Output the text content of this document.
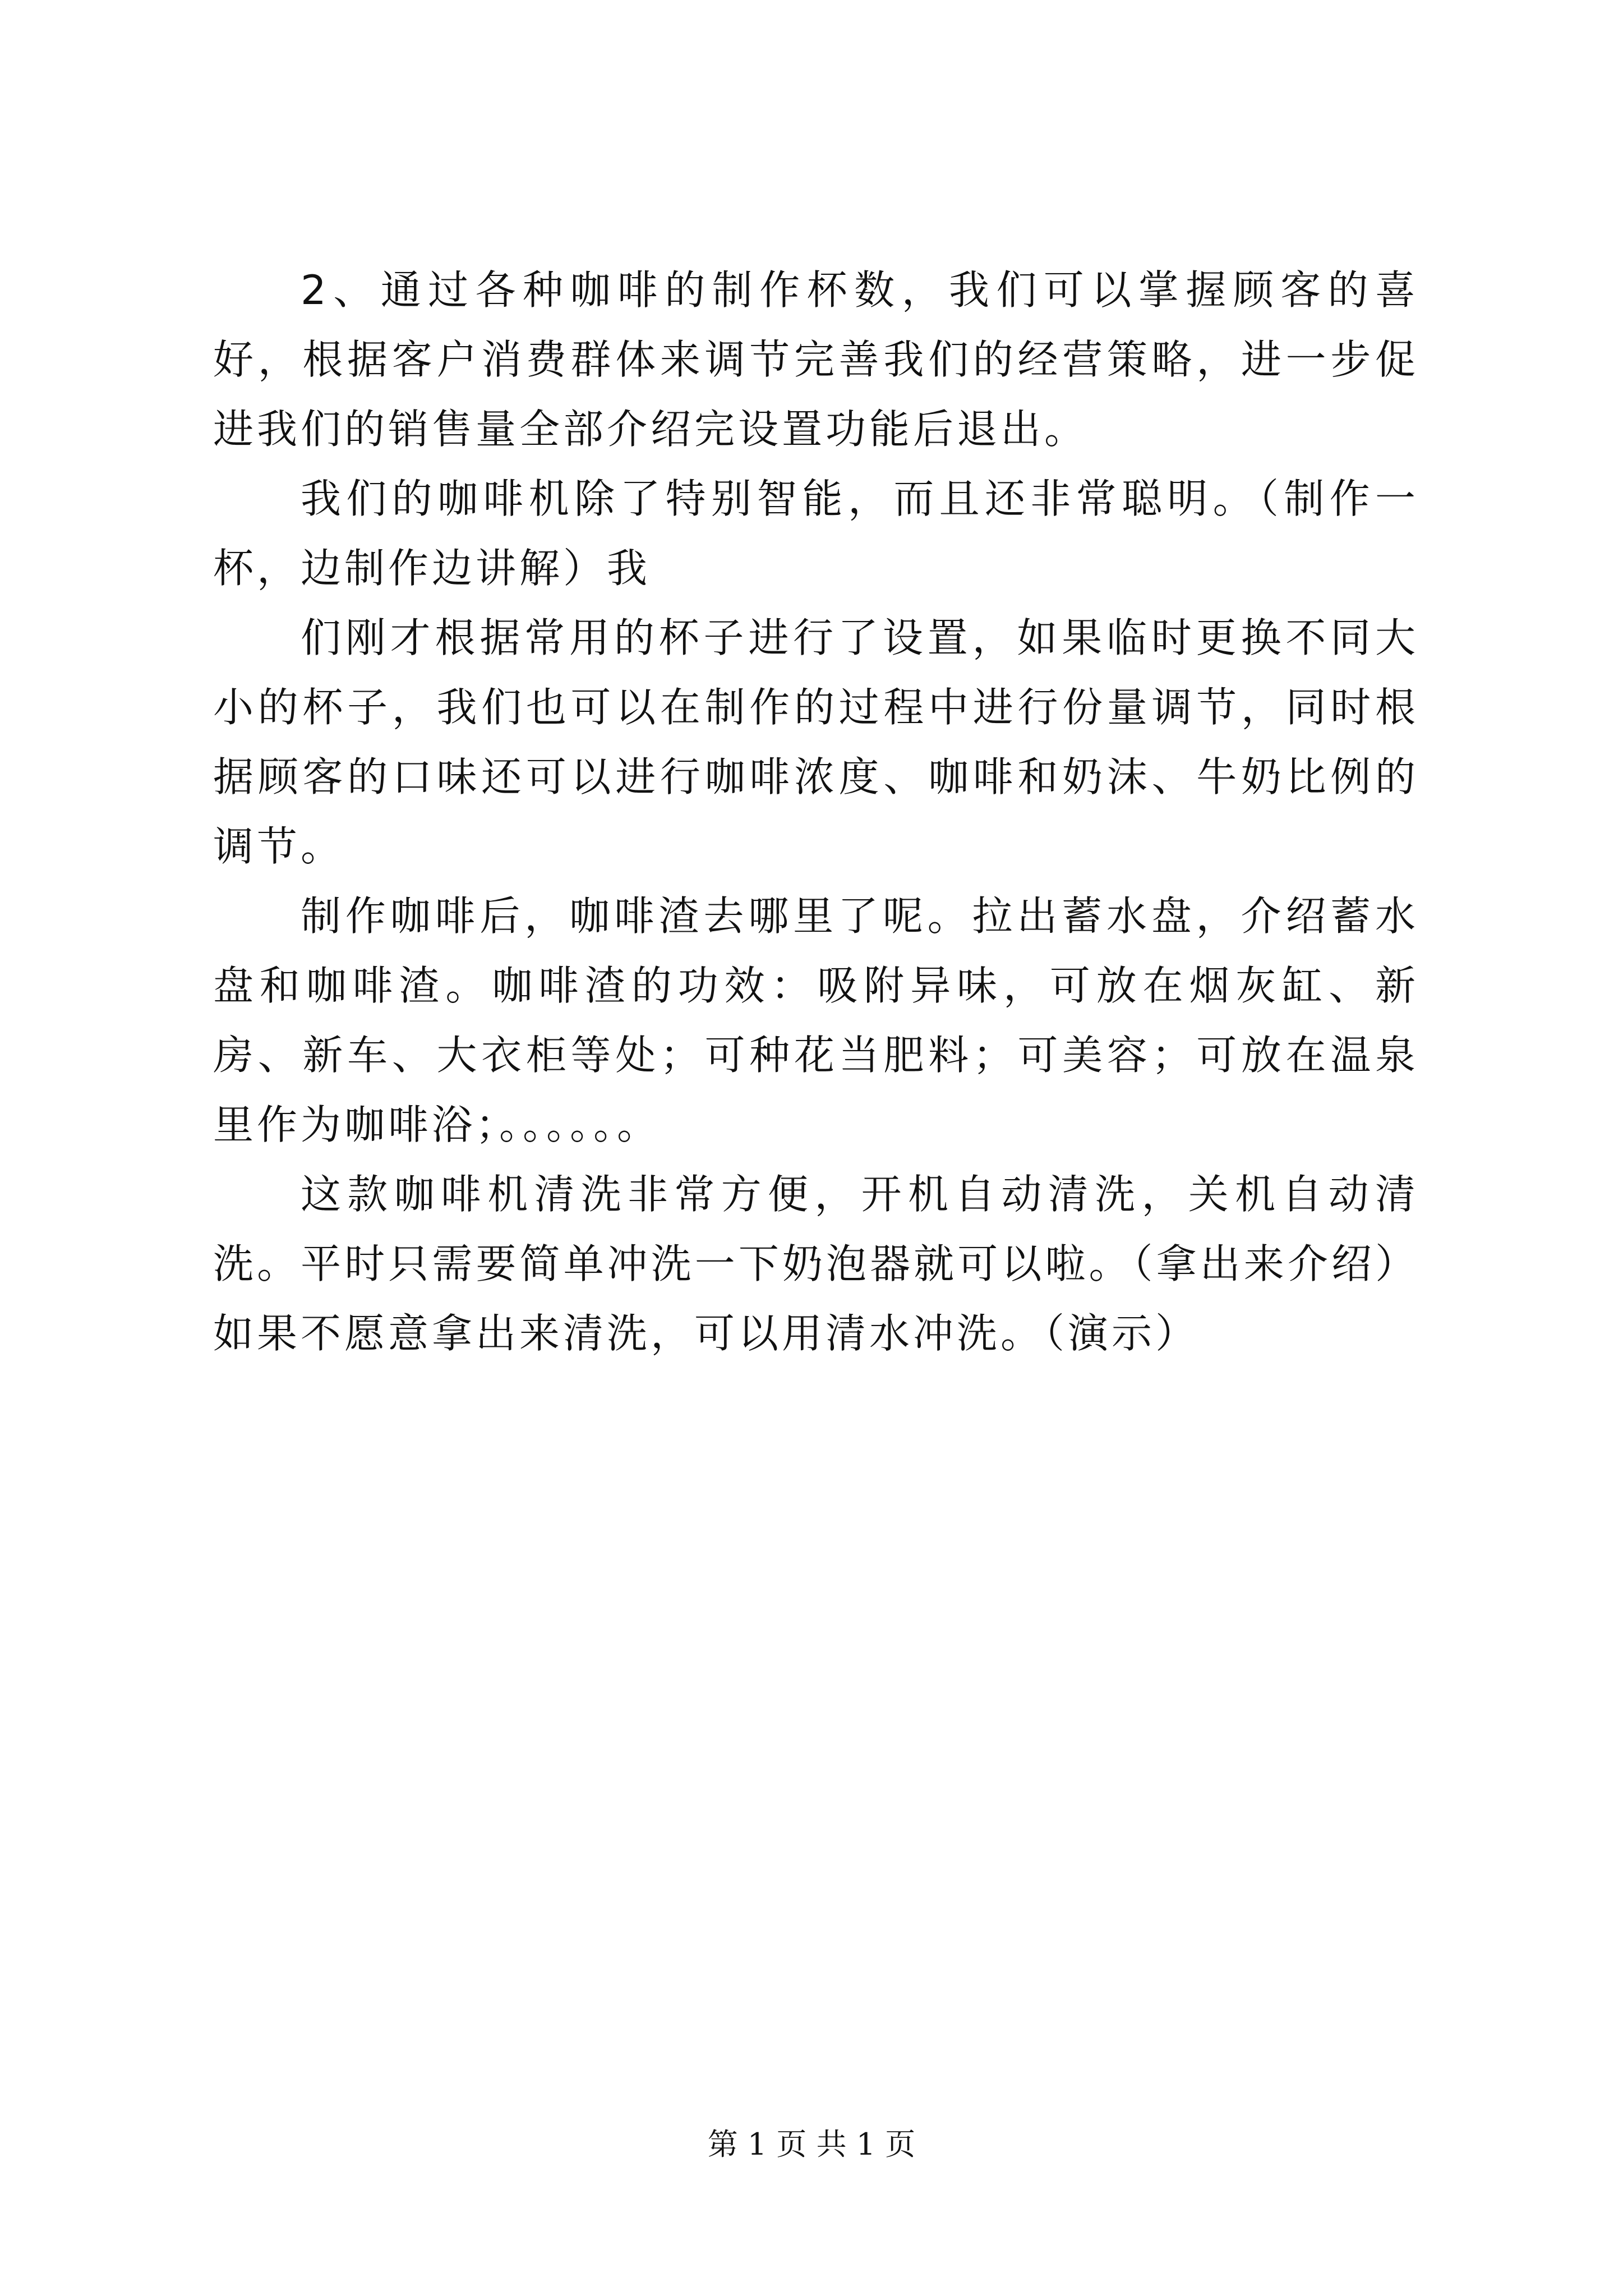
2、通过各种咖啡的制作杯数，我们可以掌握顾客的喜好，根据客户消费群体来调节完善我们的经营策略，进一步促进我们的销售量全部介绍完设置功能后退出。

我们的咖啡机除了特别智能，而且还非常聪明。（制作一杯，边制作边讲解）我

们刚才根据常用的杯子进行了设置，如果临时更换不同大小的杯子，我们也可以在制作的过程中进行份量调节，同时根据顾客的口味还可以进行咖啡浓度、咖啡和奶沫、牛奶比例的调节。

制作咖啡后，咖啡渣去哪里了呢。拉出蓄水盘，介绍蓄水盘和咖啡渣。咖啡渣的功效：吸附异味，可放在烟灰缸、新房、新车、大衣柜等处；可种花当肥料；可美容；可放在温泉里作为咖啡浴；。。。。。。

这款咖啡机清洗非常方便，开机自动清洗，关机自动清洗。平时只需要简单冲洗一下奶泡器就可以啦。（拿出来介绍）如果不愿意拿出来清洗，可以用清水冲洗。（演示）

第 1 页 共 1 页
